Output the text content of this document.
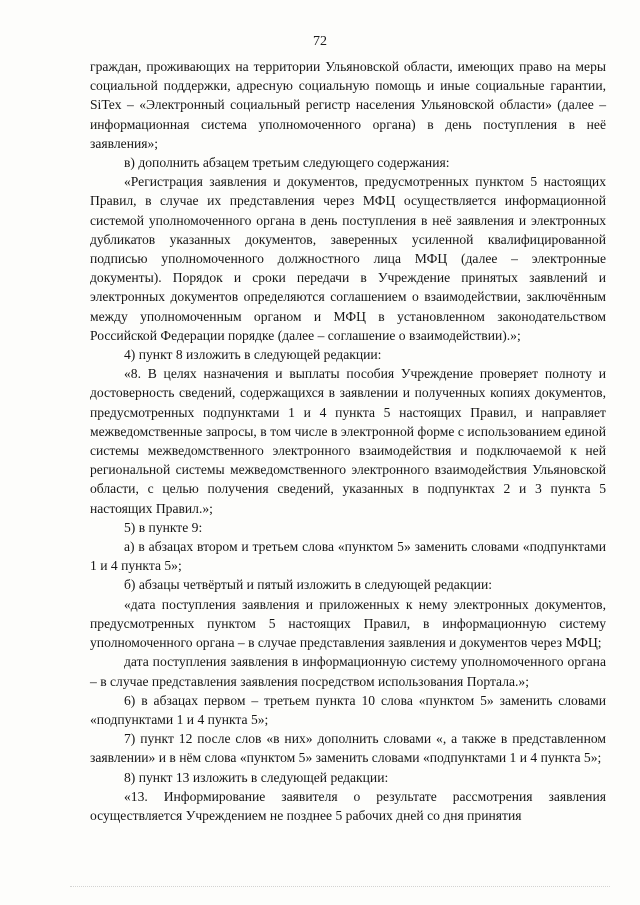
72

граждан, проживающих на территории Ульяновской области, имеющих право на меры социальной поддержки, адресную социальную помощь и иные социальные гарантии, SiTex – «Электронный социальный регистр населения Ульяновской области» (далее – информационная система уполномоченного органа) в день поступления в неё заявления»;

в) дополнить абзацем третьим следующего содержания:

«Регистрация заявления и документов, предусмотренных пунктом 5 настоящих Правил, в случае их представления через МФЦ осуществляется информационной системой уполномоченного органа в день поступления в неё заявления и электронных дубликатов указанных документов, заверенных усиленной квалифицированной подписью уполномоченного должностного лица МФЦ (далее – электронные документы). Порядок и сроки передачи в Учреждение принятых заявлений и электронных документов определяются соглашением о взаимодействии, заключённым между уполномоченным органом и МФЦ в установленном законодательством Российской Федерации порядке (далее – соглашение о взаимодействии).»;

4) пункт 8 изложить в следующей редакции:

«8. В целях назначения и выплаты пособия Учреждение проверяет полноту и достоверность сведений, содержащихся в заявлении и полученных копиях документов, предусмотренных подпунктами 1 и 4 пункта 5 настоящих Правил, и направляет межведомственные запросы, в том числе в электронной форме с использованием единой системы межведомственного электронного взаимодействия и подключаемой к ней региональной системы межведомственного электронного взаимодействия Ульяновской области, с целью получения сведений, указанных в подпунктах 2 и 3 пункта 5 настоящих Правил.»;

5) в пункте 9:

а) в абзацах втором и третьем слова «пунктом 5» заменить словами «подпунктами 1 и 4 пункта 5»;

б) абзацы четвёртый и пятый изложить в следующей редакции:

«дата поступления заявления и приложенных к нему электронных документов, предусмотренных пунктом 5 настоящих Правил, в информационную систему уполномоченного органа – в случае представления заявления и документов через МФЦ;

дата поступления заявления в информационную систему уполномоченного органа – в случае представления заявления посредством использования Портала.»;

6) в абзацах первом – третьем пункта 10 слова «пунктом 5» заменить словами «подпунктами 1 и 4 пункта 5»;

7) пункт 12 после слов «в них» дополнить словами «, а также в представленном заявлении» и в нём слова «пунктом 5» заменить словами «подпунктами 1 и 4 пункта 5»;

8) пункт 13 изложить в следующей редакции:

«13. Информирование заявителя о результате рассмотрения заявления осуществляется Учреждением не позднее 5 рабочих дней со дня принятия
